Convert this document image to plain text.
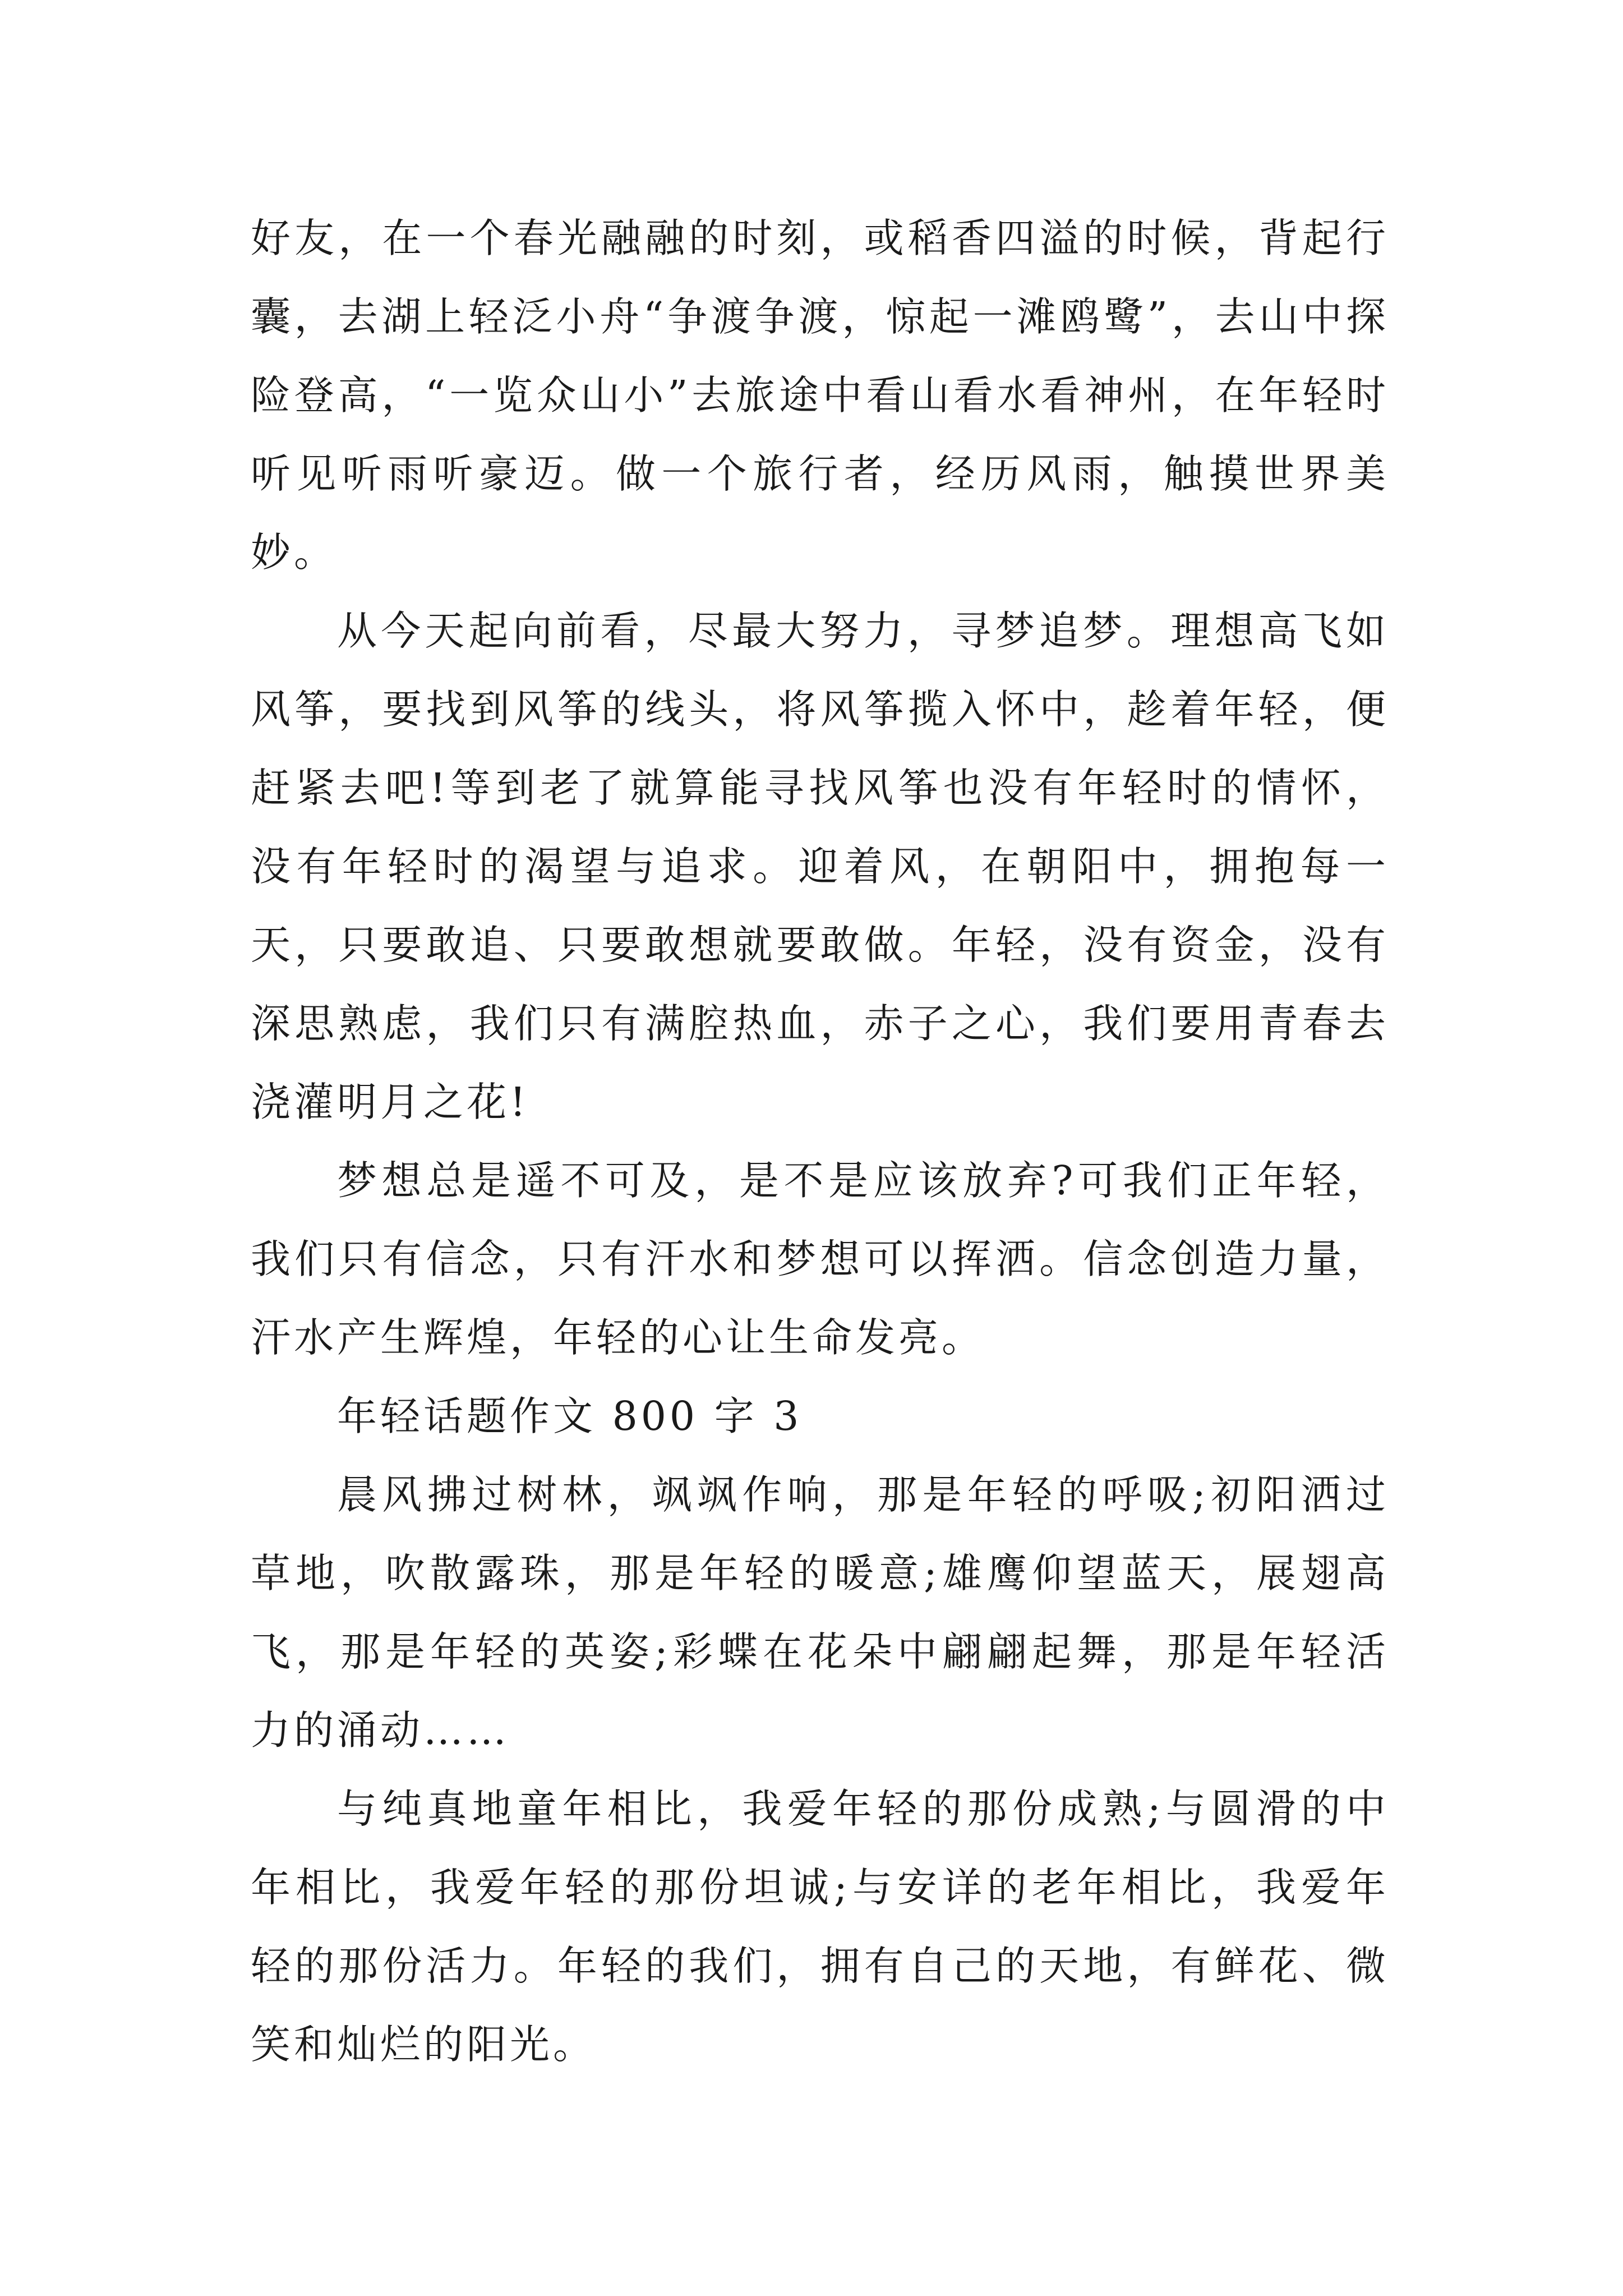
好友，在一个春光融融的时刻，或稻香四溢的时候，背起行囊，去湖上轻泛小舟“争渡争渡，惊起一滩鸥鹭”，去山中探险登高，“一览众山小”去旅途中看山看水看神州，在年轻时听见听雨听豪迈。做一个旅行者，经历风雨，触摸世界美妙。

从今天起向前看，尽最大努力，寻梦追梦。理想高飞如风筝，要找到风筝的线头，将风筝揽入怀中，趁着年轻，便赶紧去吧!等到老了就算能寻找风筝也没有年轻时的情怀，没有年轻时的渴望与追求。迎着风，在朝阳中，拥抱每一天，只要敢追、只要敢想就要敢做。年轻，没有资金，没有深思熟虑，我们只有满腔热血，赤子之心，我们要用青春去浇灌明月之花!

梦想总是遥不可及，是不是应该放弃?可我们正年轻，我们只有信念，只有汗水和梦想可以挥洒。信念创造力量，汗水产生辉煌，年轻的心让生命发亮。

年轻话题作文 800 字 3

晨风拂过树林，飒飒作响，那是年轻的呼吸;初阳洒过草地，吹散露珠，那是年轻的暖意;雄鹰仰望蓝天，展翅高飞，那是年轻的英姿;彩蝶在花朵中翩翩起舞，那是年轻活力的涌动……

与纯真地童年相比，我爱年轻的那份成熟;与圆滑的中年相比，我爱年轻的那份坦诚;与安详的老年相比，我爱年轻的那份活力。年轻的我们，拥有自己的天地，有鲜花、微笑和灿烂的阳光。
